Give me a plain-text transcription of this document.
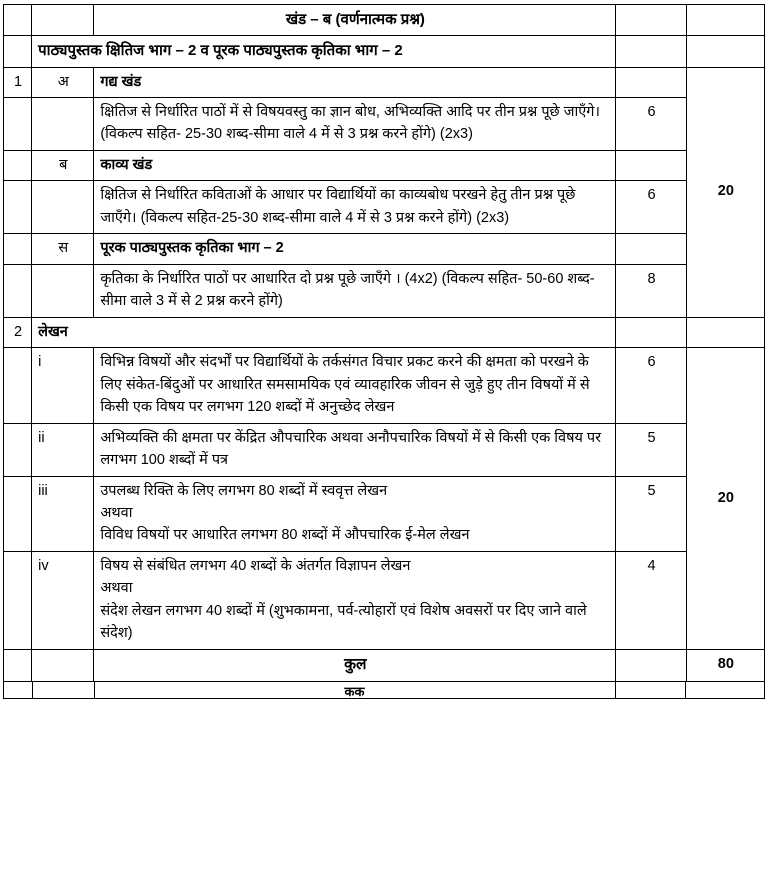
		खंड – ब (वर्णनात्मक प्रश्न)		
	पाठ्यपुस्तक क्षितिज भाग – 2 व पूरक पाठ्यपुस्तक कृतिका भाग – 2			
1	अ	गद्य खंड		20
		क्षितिज से निर्धारित पाठों में से विषयवस्तु का ज्ञान बोध, अभिव्यक्ति आदि पर तीन प्रश्न पूछे जाएँगे।(विकल्प सहित- 25-30 शब्द-सीमा वाले 4 में से 3 प्रश्न करने होंगे) (2x3)	6	
	ब	काव्य खंड		
		क्षितिज से निर्धारित कविताओं के आधार पर विद्यार्थियों का काव्यबोध परखने हेतु तीन प्रश्न पूछे जाएँगे। (विकल्प सहित-25-30 शब्द-सीमा वाले 4 में से 3 प्रश्न करने होंगे) (2x3)	6	
	स	पूरक पाठ्यपुस्तक कृतिका भाग – 2		
		कृतिका के निर्धारित पाठों पर आधारित दो प्रश्न पूछे जाएँगे । (4x2) (विकल्प सहित- 50-60 शब्द-सीमा वाले 3 में से 2 प्रश्न करने होंगे)	8	
2	लेखन			
	i	विभिन्न विषयों और संदर्भों पर विद्यार्थियों के तर्कसंगत विचार प्रकट करने की क्षमता को परखने के लिए संकेत-बिंदुओं पर आधारित समसामयिक एवं व्यावहारिक जीवन से जुड़े हुए तीन विषयों में से किसी एक विषय पर लगभग 120 शब्दों में अनुच्छेद लेखन	6	20
	ii	अभिव्यक्ति की क्षमता पर केंद्रित औपचारिक अथवा अनौपचारिक विषयों में से किसी एक विषय पर लगभग 100 शब्दों में पत्र	5	
	iii	उपलब्ध रिक्ति के लिए लगभग 80 शब्दों में स्ववृत्त लेखन
अथवा
विविध विषयों पर आधारित लगभग 80 शब्दों में औपचारिक ई-मेल लेखन	5	
	iv	विषय से संबंधित लगभग 40 शब्दों के अंतर्गत विज्ञापन लेखन
अथवा
संदेश लेखन लगभग 40 शब्दों में (शुभकामना, पर्व-त्योहारों एवं विशेष अवसरों पर दिए जाने वाले संदेश)	4	
		कुल		80
कक
